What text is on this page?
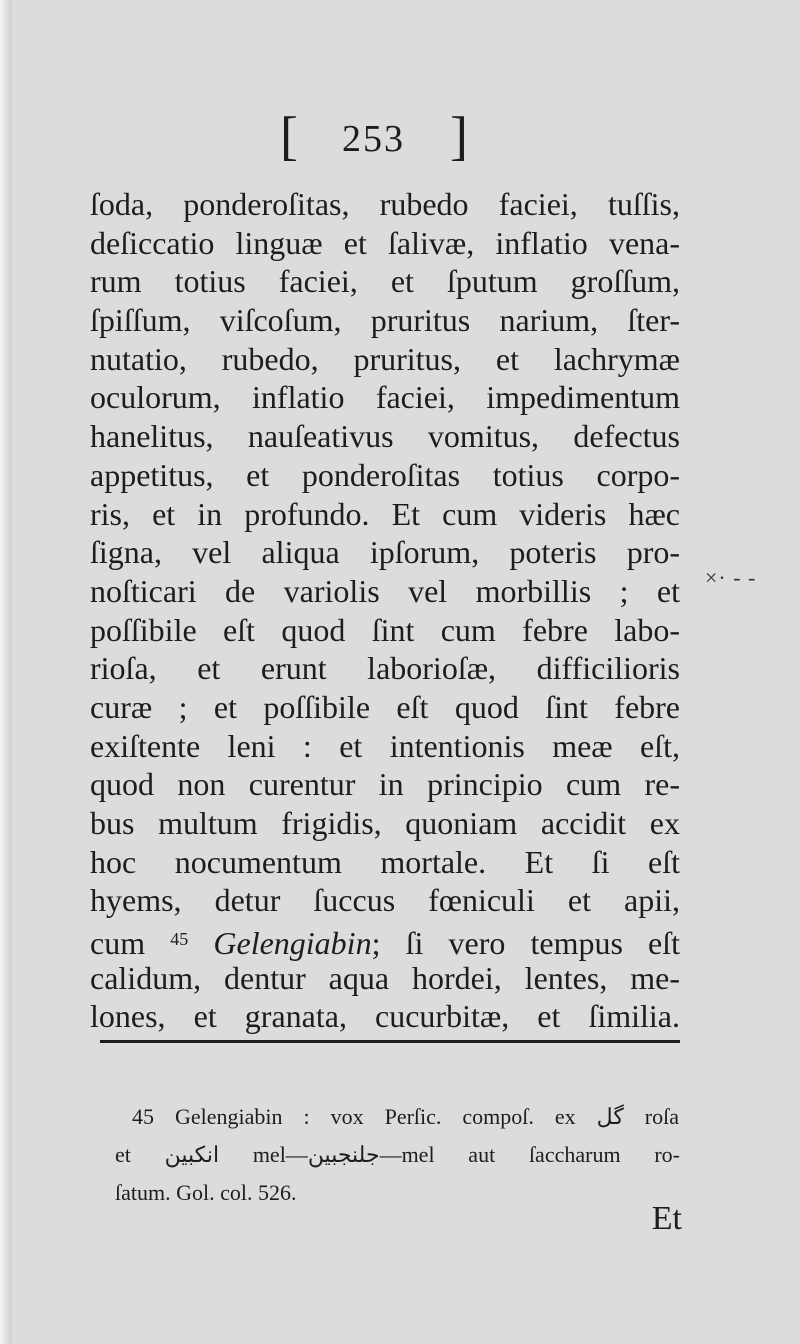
[ 253 ]
ſoda, ponderoſitas, rubedo faciei, tuſſis,
deſiccatio linguæ et ſalivæ, inflatio vena-
rum totius faciei, et ſputum groſſum,
ſpiſſum, viſcoſum, pruritus narium, ſter-
nutatio, rubedo, pruritus, et lachrymæ
oculorum, inflatio faciei, impedimentum
hanelitus, nauſeativus vomitus, defectus
appetitus, et ponderoſitas totius corpo-
ris, et in profundo. Et cum videris hæc
ſigna, vel aliqua ipſorum, poteris pro-
noſticari de variolis vel morbillis ; et
poſſibile eſt quod ſint cum febre labo-
rioſa, et erunt laborioſæ, difficilioris
curæ ; et poſſibile eſt quod ſint febre
exiſtente leni : et intentionis meæ eſt,
quod non curentur in principio cum re-
bus multum frigidis, quoniam accidit ex
hoc nocumentum mortale. Et ſi eſt
hyems, detur ſuccus fœniculi et apii,
cum $^{45}$ Gelengiabin; ſi vero tempus eſt
calidum, dentur aqua hordei, lentes, me-
lones, et granata, cucurbitæ, et ſimilia.
×· - -
45 Gelengiabin : vox Perſic. compoſ. ex گل roſa
et انكبين mel—جلنجبين—mel aut ſaccharum ro-
ſatum. Gol. col. 526.
Et
